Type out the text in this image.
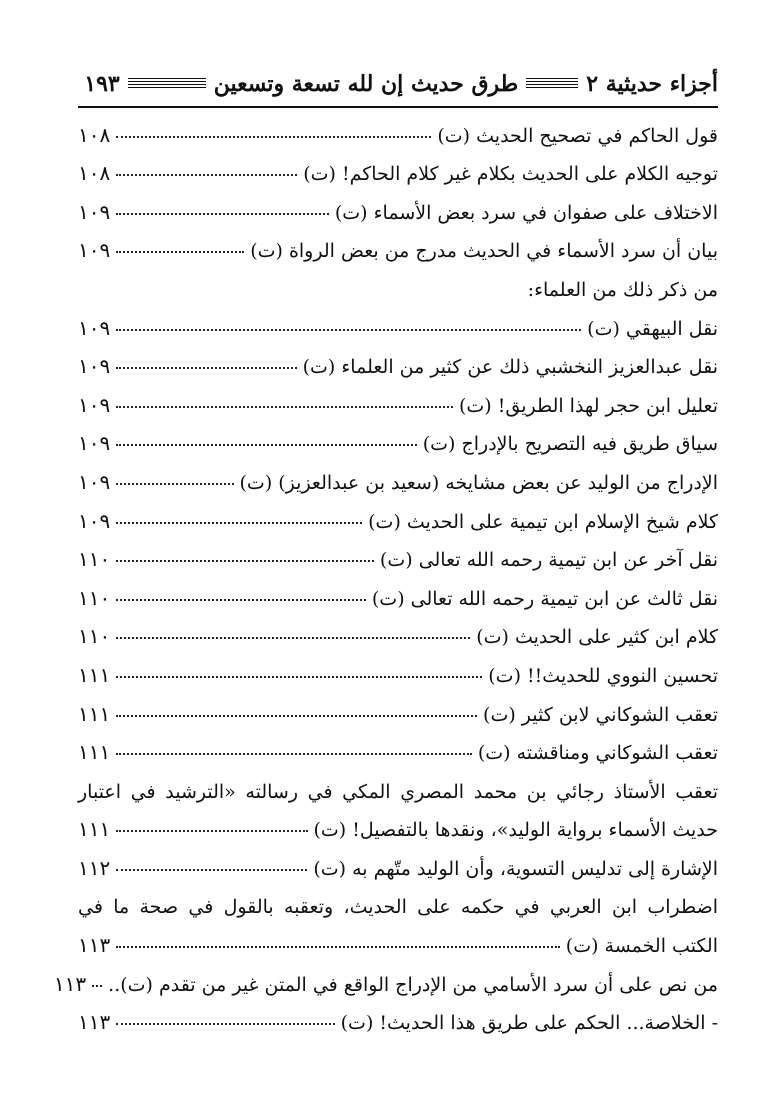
أجزاء حديثية ٢
طرق حديث إن لله تسعة وتسعين
١٩٣
قول الحاكم في تصحيح الحديث (ت)
١٠٨
توجيه الكلام على الحديث بكلام غير كلام الحاكم! (ت)
١٠٨
الاختلاف على صفوان في سرد بعض الأسماء (ت)
١٠٩
بيان أن سرد الأسماء في الحديث مدرج من بعض الرواة (ت)
١٠٩
من ذكر ذلك من العلماء:
نقل البيهقي (ت)
١٠٩
نقل عبدالعزيز النخشبي ذلك عن كثير من العلماء (ت)
١٠٩
تعليل ابن حجر لهذا الطريق! (ت)
١٠٩
سياق طريق فيه التصريح بالإدراج (ت)
١٠٩
الإدراج من الوليد عن بعض مشايخه (سعيد بن عبدالعزيز) (ت)
١٠٩
كلام شيخ الإسلام ابن تيمية على الحديث (ت)
١٠٩
نقل آخر عن ابن تيمية رحمه الله تعالى (ت)
١١٠
نقل ثالث عن ابن تيمية رحمه الله تعالى (ت)
١١٠
كلام ابن كثير على الحديث (ت)
١١٠
تحسين النووي للحديث!! (ت)
١١١
تعقب الشوكاني لابن كثير (ت)
١١١
تعقب الشوكاني ومناقشته (ت)
١١١
تعقب الأستاذ رجائي بن محمد المصري المكي في رسالته «الترشيد في اعتبار
حديث الأسماء برواية الوليد»، ونقدها بالتفصيل! (ت)
١١١
الإشارة إلى تدليس التسوية، وأن الوليد متّهم به (ت)
١١٢
اضطراب ابن العربي في حكمه على الحديث، وتعقبه بالقول في صحة ما في
الكتب الخمسة (ت)
١١٣
من نص على أن سرد الأسامي من الإدراج الواقع في المتن غير من تقدم (ت)..
١١٣
- الخلاصة... الحكم على طريق هذا الحديث! (ت)
١١٣
